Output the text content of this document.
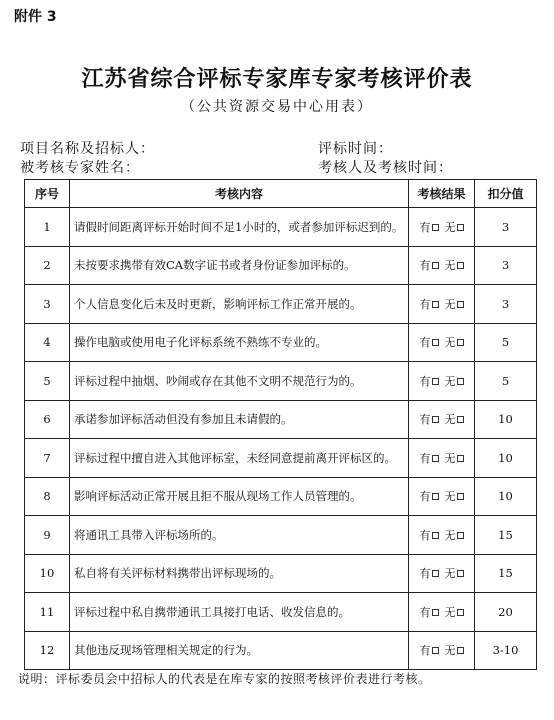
附件 3
江苏省综合评标专家库专家考核评价表
（公共资源交易中心用表）
项目名称及招标人：	评标时间：
被考核专家姓名：	考核人及考核时间：
序号	考核内容	考核结果	扣分值
1	请假时间距离评标开始时间不足1小时的，或者参加评标迟到的。	有 无	3
2	未按要求携带有效CA数字证书或者身份证参加评标的。	有 无	3
3	个人信息变化后未及时更新，影响评标工作正常开展的。	有 无	3
4	操作电脑或使用电子化评标系统不熟练不专业的。	有 无	5
5	评标过程中抽烟、吵闹或存在其他不文明不规范行为的。	有 无	5
6	承诺参加评标活动但没有参加且未请假的。	有 无	10
7	评标过程中擅自进入其他评标室，未经同意提前离开评标区的。	有 无	10
8	影响评标活动正常开展且拒不服从现场工作人员管理的。	有 无	10
9	将通讯工具带入评标场所的。	有 无	15
10	私自将有关评标材料携带出评标现场的。	有 无	15
11	评标过程中私自携带通讯工具接打电话、收发信息的。	有 无	20
12	其他违反现场管理相关规定的行为。	有 无	3-10
说明：评标委员会中招标人的代表是在库专家的按照考核评价表进行考核。
